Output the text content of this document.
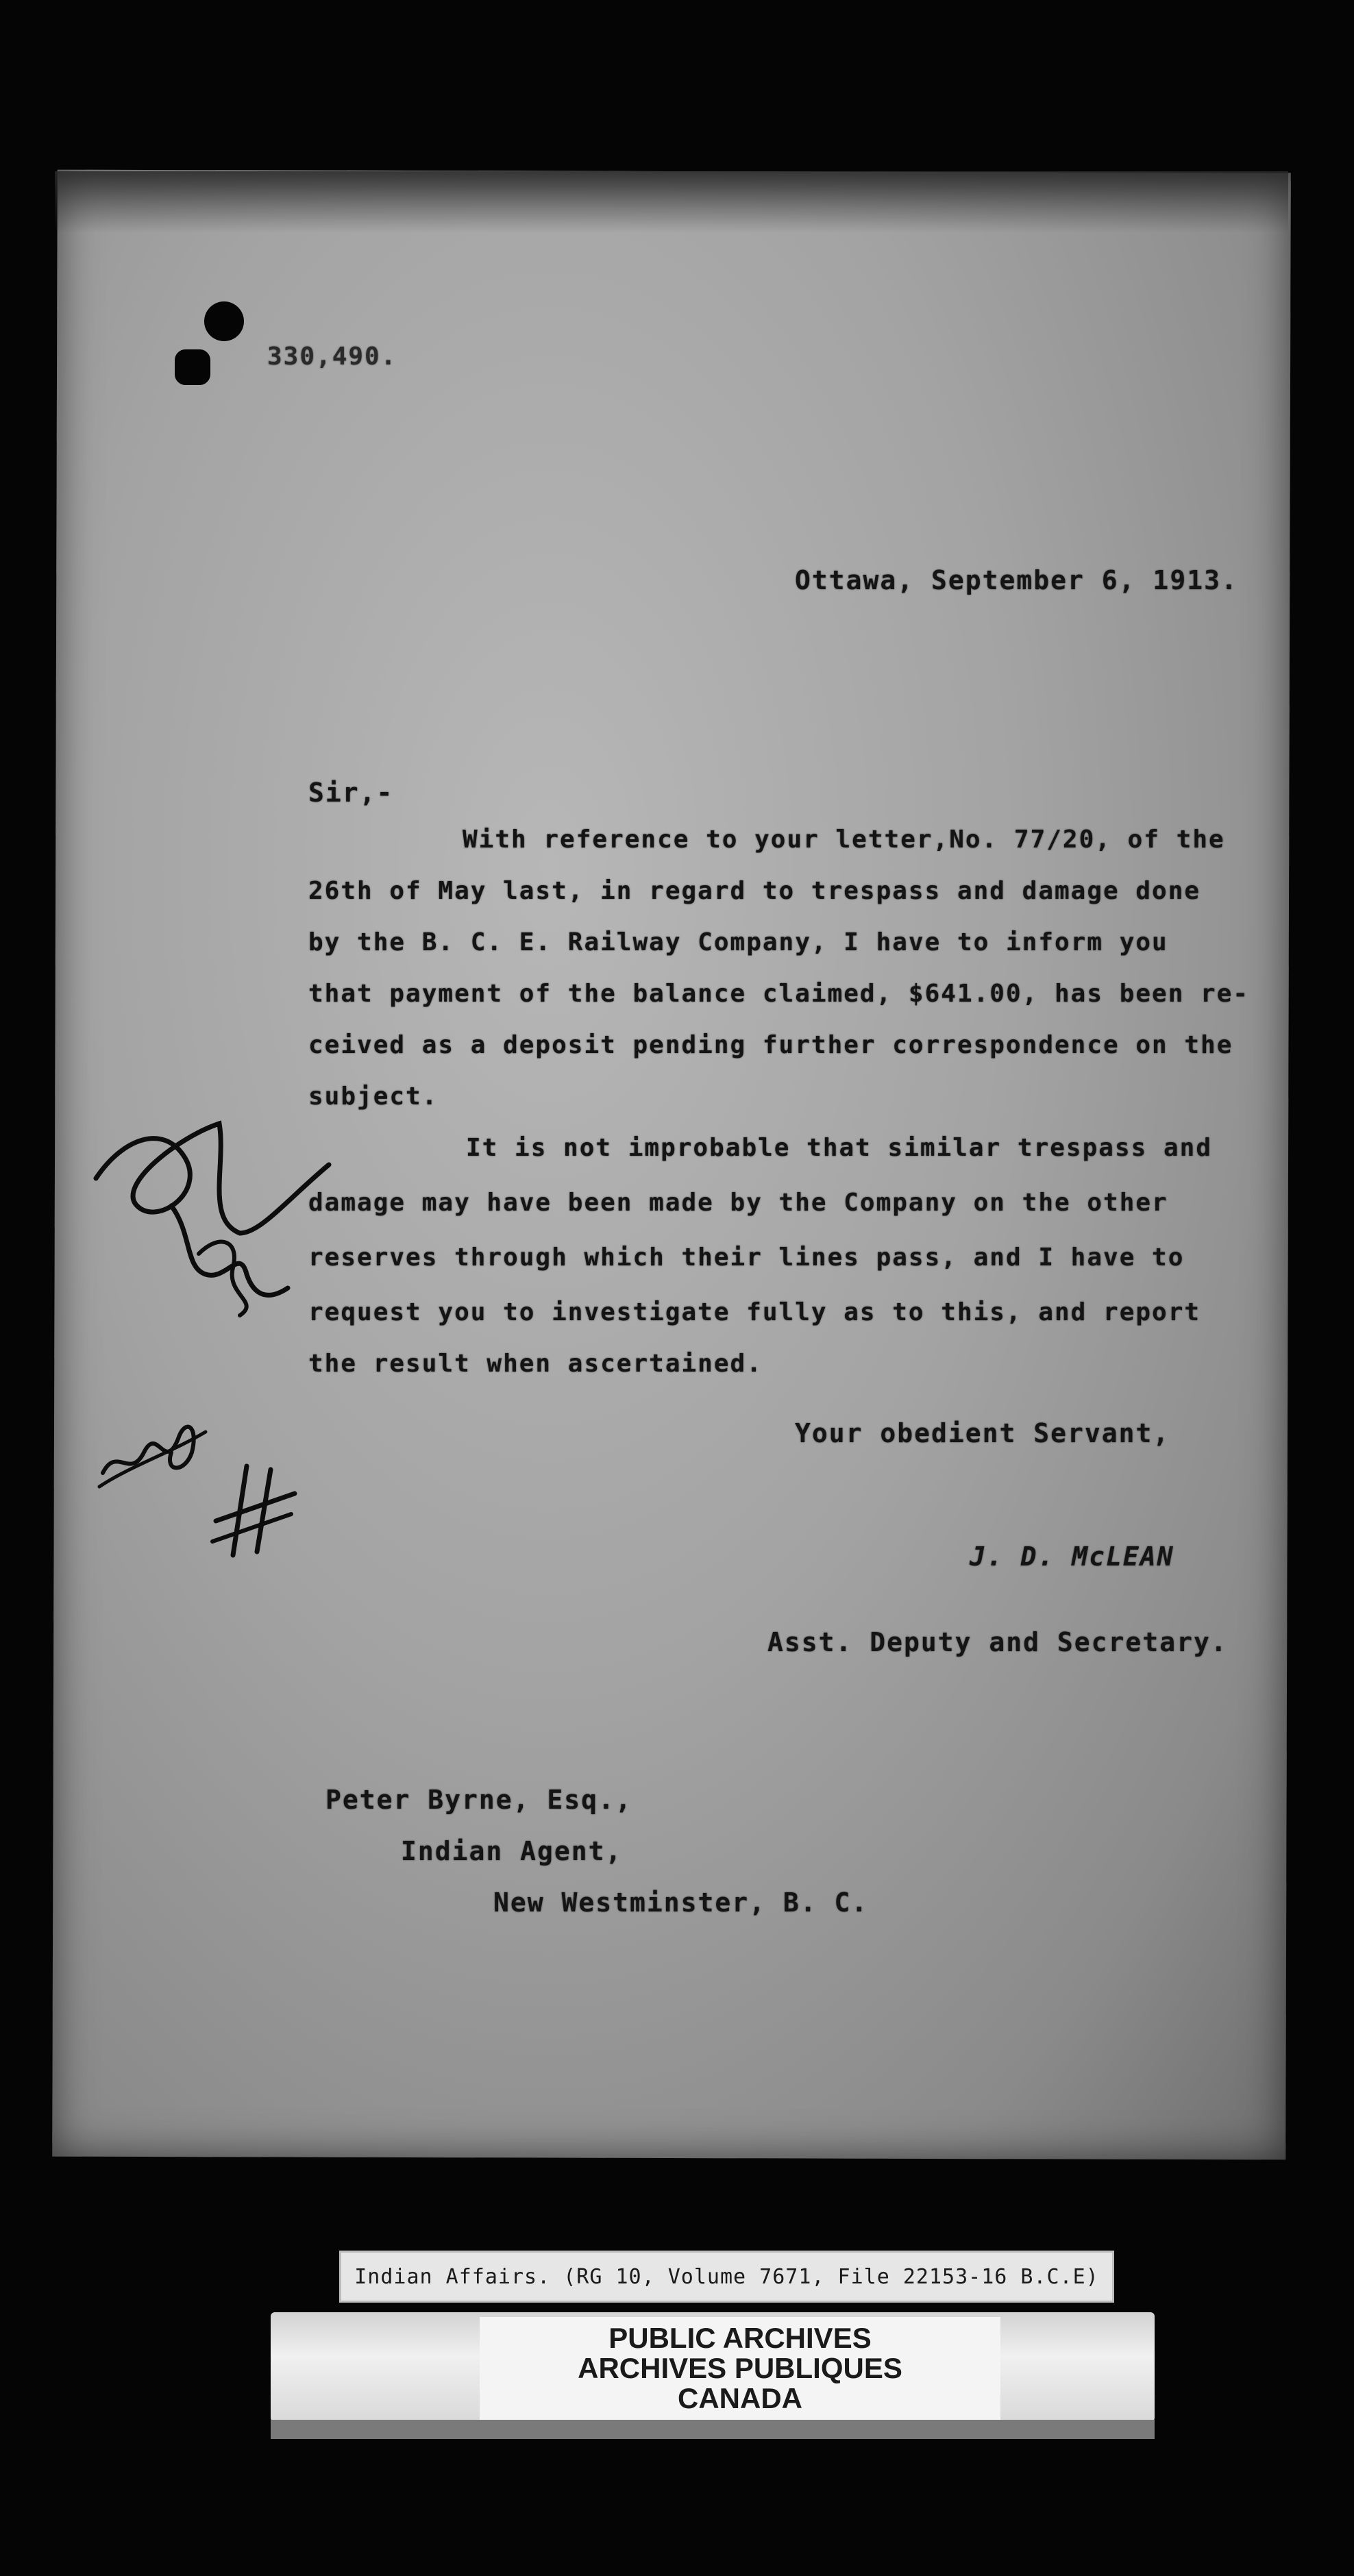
330,490.
Ottawa, September 6, 1913.
Sir,-
With reference to your letter,No. 77/20, of the
26th of May last, in regard to trespass and damage done
by the B. C. E. Railway Company, I have to inform you
that payment of the balance claimed, $641.00, has been re-
ceived as a deposit pending further correspondence on the
subject.
It is not improbable that similar trespass and
damage may have been made by the Company on the other
reserves through which their lines pass, and I have to
request you to investigate fully as to this, and report
the result when ascertained.
Your obedient Servant,
J. D. McLEAN
Asst. Deputy and Secretary.
Peter Byrne, Esq.,
Indian Agent,
New Westminster, B. C.
Indian Affairs. (RG 10, Volume 7671, File 22153-16 B.C.E)
PUBLIC ARCHIVES
ARCHIVES PUBLIQUES
CANADA
